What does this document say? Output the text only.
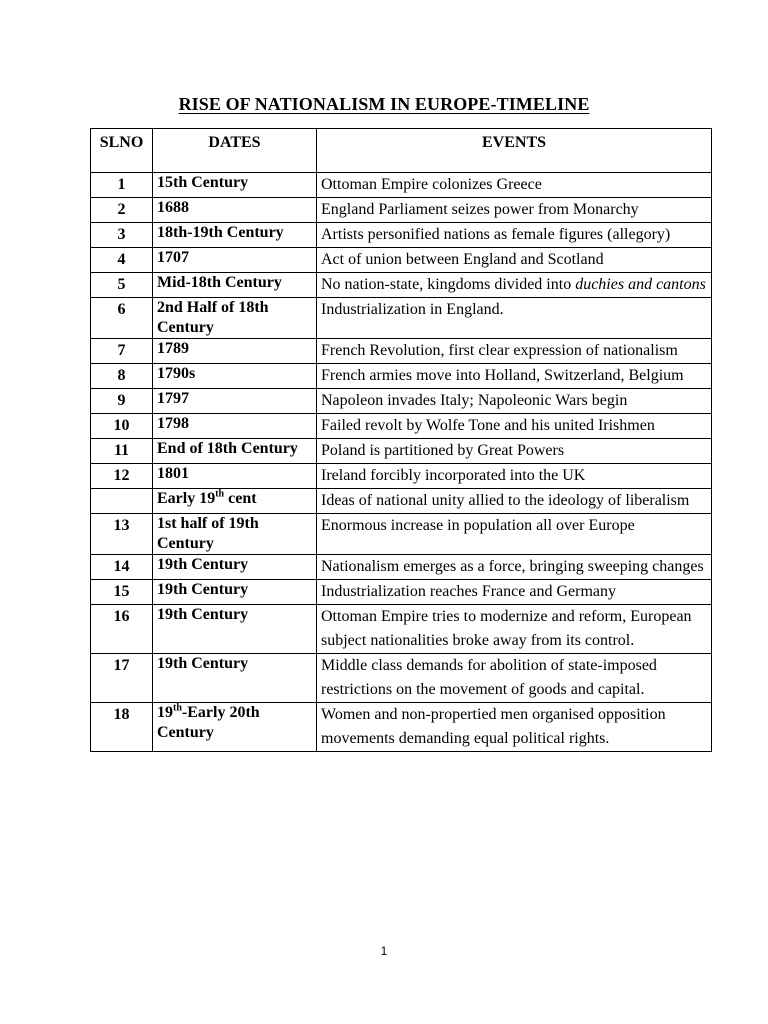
RISE OF NATIONALISM IN EUROPE-TIMELINE
SLNO	DATES	EVENTS
1	15th Century	Ottoman Empire colonizes Greece
2	1688	England Parliament seizes power from Monarchy
3	18th-19th Century	Artists personified nations as female figures (allegory)
4	1707	Act of union between England and Scotland
5	Mid-18th Century	No nation-state, kingdoms divided into duchies and cantons
6	2nd Half of 18th Century	Industrialization in England.
7	1789	French Revolution, first clear expression of nationalism
8	1790s	French armies move into Holland, Switzerland, Belgium
9	1797	Napoleon invades Italy; Napoleonic Wars begin
10	1798	Failed revolt by Wolfe Tone and his united Irishmen
11	End of 18th Century	Poland is partitioned by Great Powers
12	1801	Ireland forcibly incorporated into the UK
	Early 19th cent	Ideas of national unity allied to the ideology of liberalism
13	1st half of 19th Century	Enormous increase in population all over Europe
14	19th Century	Nationalism emerges as a force, bringing sweeping changes
15	19th Century	Industrialization reaches France and Germany
16	19th Century	Ottoman Empire tries to modernize and reform, European subject nationalities broke away from its control.
17	19th Century	Middle class demands for abolition of state-imposed restrictions on the movement of goods and capital.
18	19th-Early 20th Century	Women and non-propertied men organised opposition movements demanding equal political rights.
1
